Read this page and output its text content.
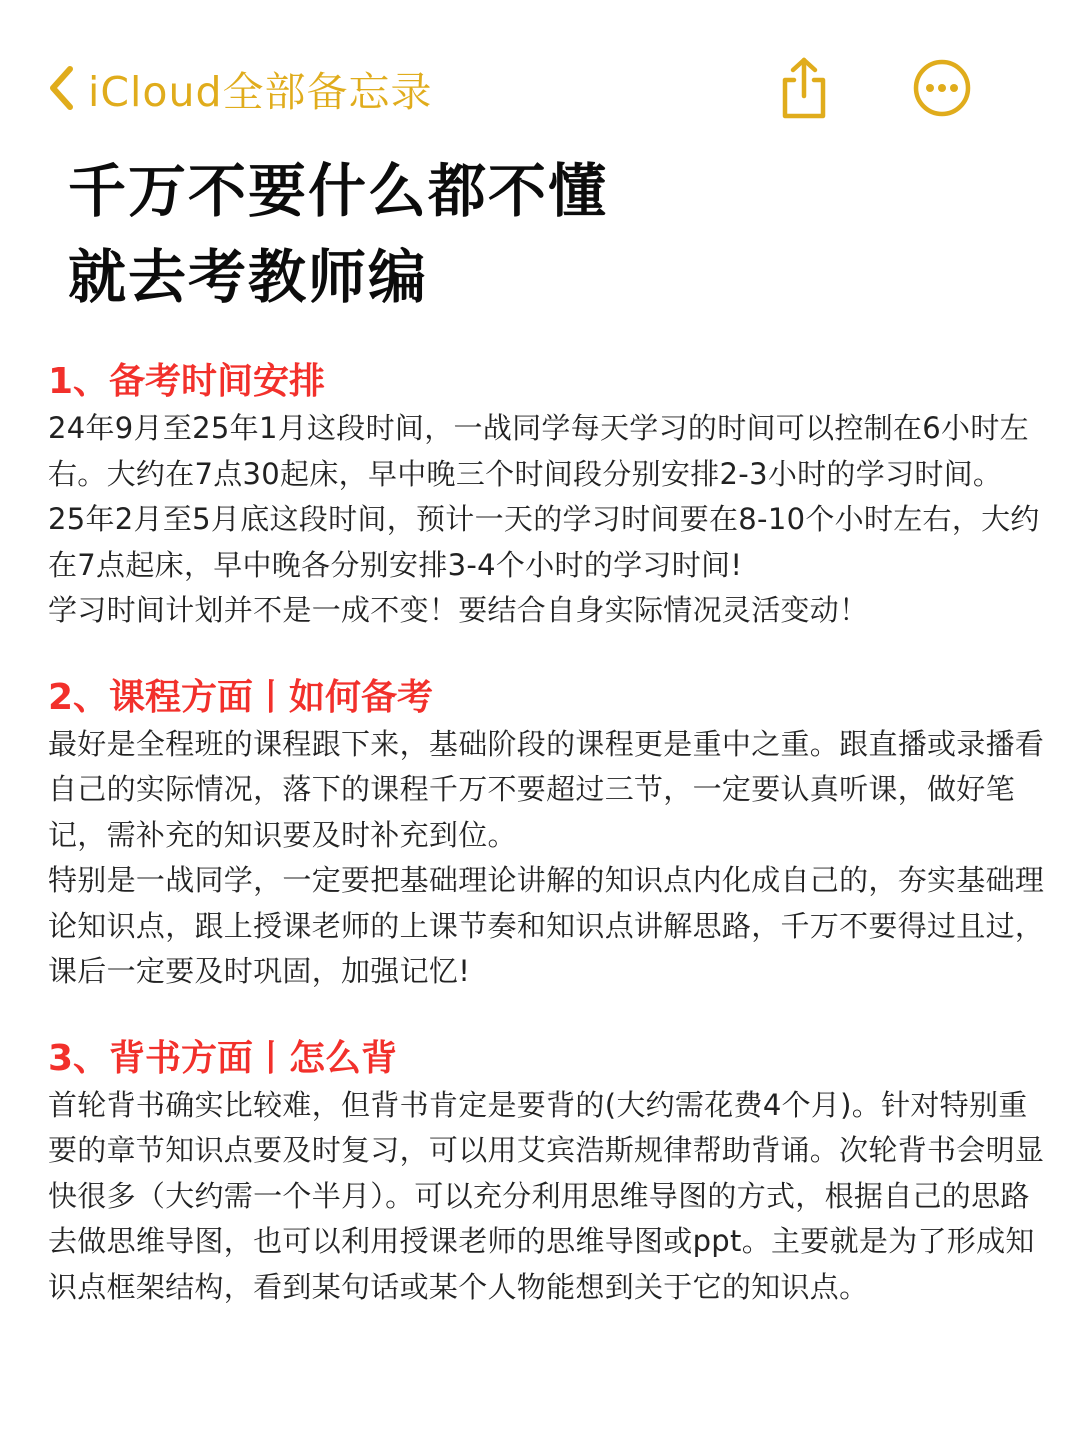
iCloud全部备忘录
千万不要什么都不懂
就去考教师编
1、备考时间安排

24年9月至25年1月这段时间，一战同学每天学习的时间可以控制在6小时左右。大约在7点30起床，早中晚三个时间段分别安排2-3小时的学习时间。

25年2月至5月底这段时间，预计一天的学习时间要在8-10个小时左右，大约在7点起床，早中晚各分别安排3-4个小时的学习时间!

学习时间计划并不是一成不变！要结合自身实际情况灵活变动！

2、课程方面丨如何备考

最好是全程班的课程跟下来，基础阶段的课程更是重中之重。跟直播或录播看自己的实际情况，落下的课程千万不要超过三节，一定要认真听课，做好笔记，需补充的知识要及时补充到位。

特别是一战同学，一定要把基础理论讲解的知识点内化成自己的，夯实基础理论知识点，跟上授课老师的上课节奏和知识点讲解思路，千万不要得过且过，课后一定要及时巩固，加强记忆!

3、背书方面丨怎么背

首轮背书确实比较难，但背书肯定是要背的(大约需花费4个月)。针对特别重要的章节知识点要及时复习，可以用艾宾浩斯规律帮助背诵。次轮背书会明显快很多（大约需一个半月）。可以充分利用思维导图的方式，根据自己的思路去做思维导图，也可以利用授课老师的思维导图或ppt。主要就是为了形成知识点框架结构，看到某句话或某个人物能想到关于它的知识点。
